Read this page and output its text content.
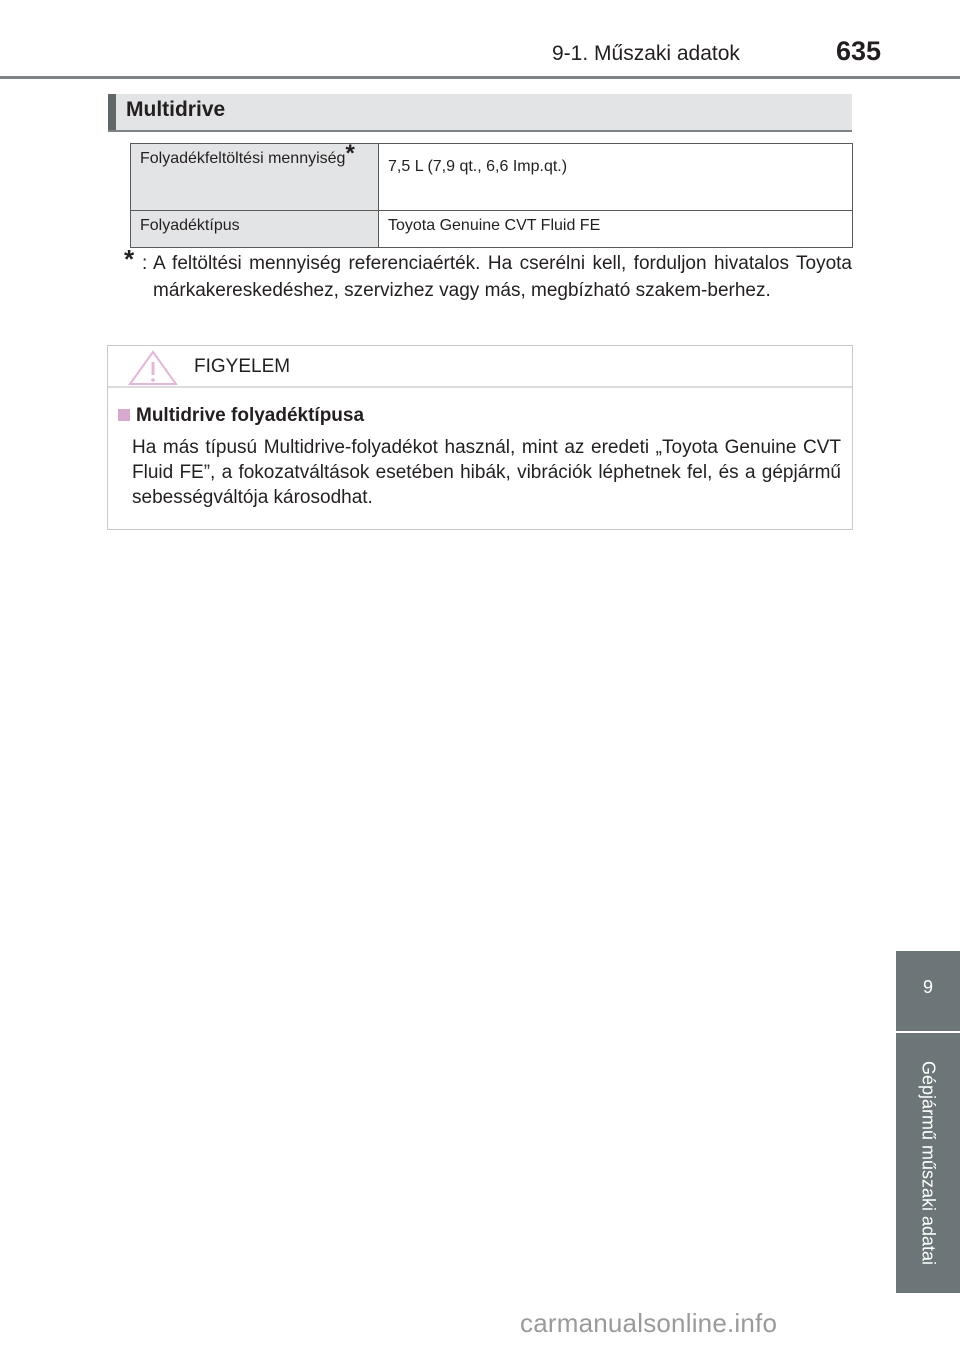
9-1. Műszaki adatok	635
Multidrive
Folyadékfeltöltési mennyiség*	7,5 L (7,9 qt., 6,6 Imp.qt.)
Folyadéktípus	Toyota Genuine CVT Fluid FE
* : A feltöltési mennyiség referenciaérték. Ha cserélni kell, forduljon hivatalos Toyota márkakereskedéshez, szervizhez vagy más, megbízható szakem-berhez.
FIGYELEM
Multidrive folyadéktípusa
Ha más típusú Multidrive-folyadékot használ, mint az eredeti „Toyota Genuine CVT Fluid FE”, a fokozatváltások esetében hibák, vibrációk léphetnek fel, és a gépjármű sebességváltója károsodhat.
9
Gépjármű műszaki adatai
carmanualsonline.info
